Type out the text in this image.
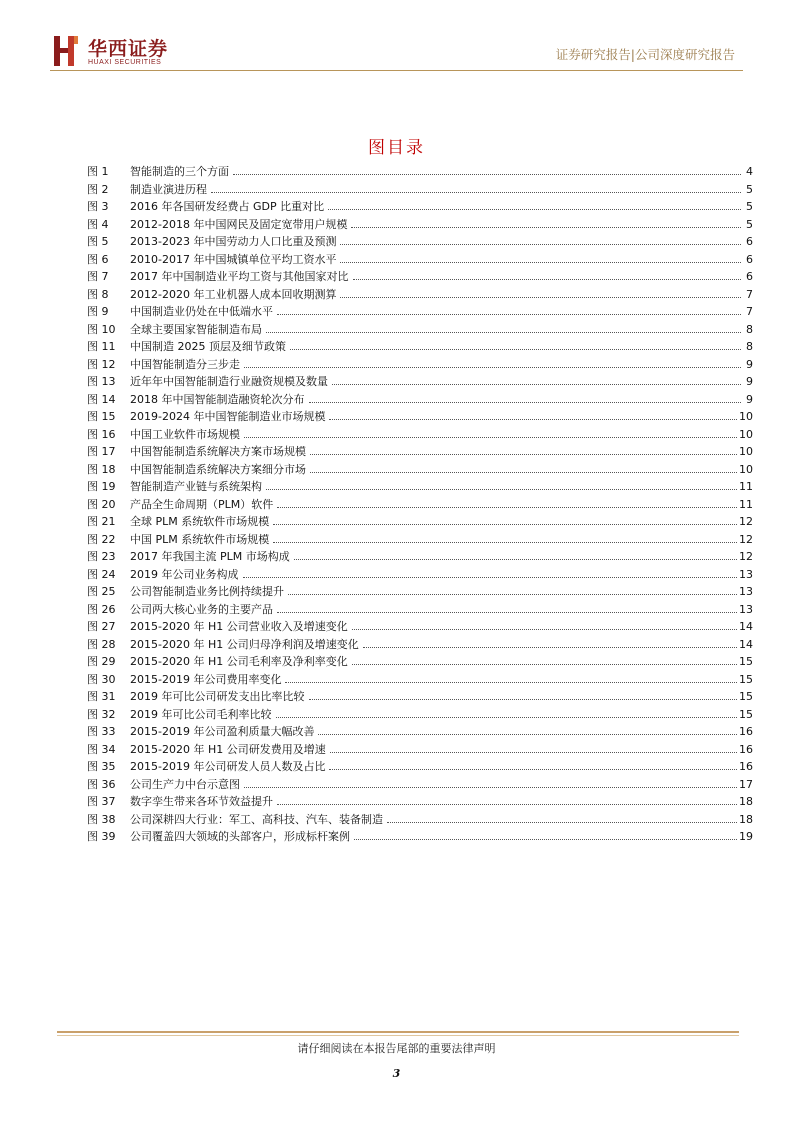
华西证券
HUAXI SECURITIES
证券研究报告|公司深度研究报告
图目录
图 1	智能制造的三个方面	4
图 2	制造业演进历程	5
图 3	2016 年各国研发经费占 GDP 比重对比	5
图 4	2012-2018 年中国网民及固定宽带用户规模	5
图 5	2013-2023 年中国劳动力人口比重及预测	6
图 6	2010-2017 年中国城镇单位平均工资水平	6
图 7	2017 年中国制造业平均工资与其他国家对比	6
图 8	2012-2020 年工业机器人成本回收期测算	7
图 9	中国制造业仍处在中低端水平	7
图 10	全球主要国家智能制造布局	8
图 11	中国制造 2025 顶层及细节政策	8
图 12	中国智能制造分三步走	9
图 13	近年年中国智能制造行业融资规模及数量	9
图 14	2018 年中国智能制造融资轮次分布	9
图 15	2019-2024 年中国智能制造业市场规模	10
图 16	中国工业软件市场规模	10
图 17	中国智能制造系统解决方案市场规模	10
图 18	中国智能制造系统解决方案细分市场	10
图 19	智能制造产业链与系统架构	11
图 20	产品全生命周期（PLM）软件	11
图 21	全球 PLM 系统软件市场规模	12
图 22	中国 PLM 系统软件市场规模	12
图 23	2017 年我国主流 PLM 市场构成	12
图 24	2019 年公司业务构成	13
图 25	公司智能制造业务比例持续提升	13
图 26	公司两大核心业务的主要产品	13
图 27	2015-2020 年 H1 公司营业收入及增速变化	14
图 28	2015-2020 年 H1 公司归母净利润及增速变化	14
图 29	2015-2020 年 H1 公司毛利率及净利率变化	15
图 30	2015-2019 年公司费用率变化	15
图 31	2019 年可比公司研发支出比率比较	15
图 32	2019 年可比公司毛利率比较	15
图 33	2015-2019 年公司盈利质量大幅改善	16
图 34	2015-2020 年 H1 公司研发费用及增速	16
图 35	2015-2019 年公司研发人员人数及占比	16
图 36	公司生产力中台示意图	17
图 37	数字孪生带来各环节效益提升	18
图 38	公司深耕四大行业：军工、高科技、汽车、装备制造	18
图 39	公司覆盖四大领域的头部客户，形成标杆案例	19
请仔细阅读在本报告尾部的重要法律声明
3
